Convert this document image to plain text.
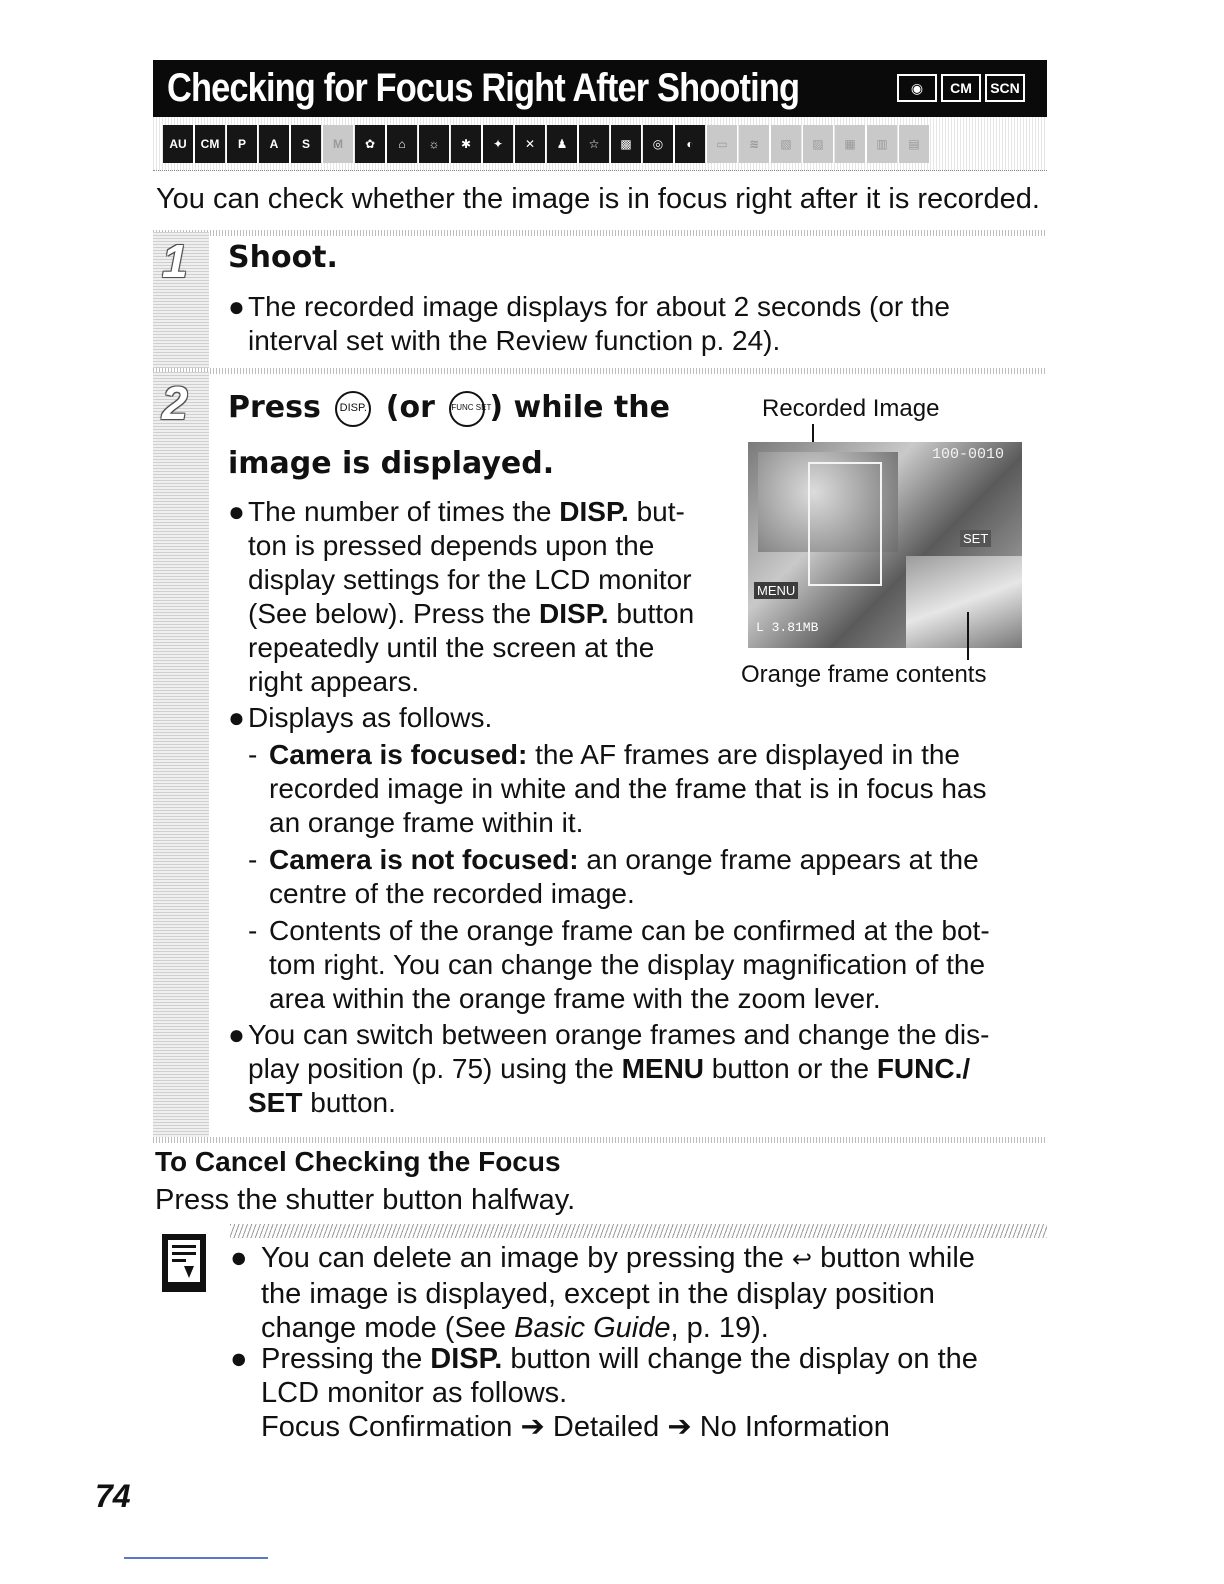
Checking for Focus Right After Shooting	◉	CM	SCN
AU	CM	P	A	S	M	✿	⌂	☼	✱	✦	✕	♟	☆	▩	◎	◐	▭	≋	▧	▨	▦	▥	▤
You can check whether the image is in focus right after it is recorded.
1 Shoot.
● The recorded image displays for about 2 seconds (or the interval set with the Review function p. 24).
2 Press DISP. (or FUNC SET
) while the
image is displayed.
● The number of times the DISP. but-
ton is pressed depends upon the
display settings for the LCD monitor
(See below). Press the DISP. button
repeatedly until the screen at the
right appears.
● Displays as follows.
- Camera is focused: the AF frames are displayed in the
recorded image in white and the frame that is in focus has
an orange frame within it.
- Camera is not focused: an orange frame appears at the
centre of the recorded image.
- Contents of the orange frame can be confirmed at the bot-
tom right. You can change the display magnification of the
area within the orange frame with the zoom lever.
● You can switch between orange frames and change the dis-
play position (p. 75) using the MENU button or the FUNC./
SET button.
Recorded Image
100-0010
SET
MENU
L 3.81MB
Orange frame contents
To Cancel Checking the Focus
Press the shutter button halfway.
● You can delete an image by pressing the ↩ button while
the image is displayed, except in the display position
change mode (See Basic Guide, p. 19).
● Pressing the DISP. button will change the display on the
LCD monitor as follows.
Focus Confirmation ➔ Detailed ➔ No Information
74
